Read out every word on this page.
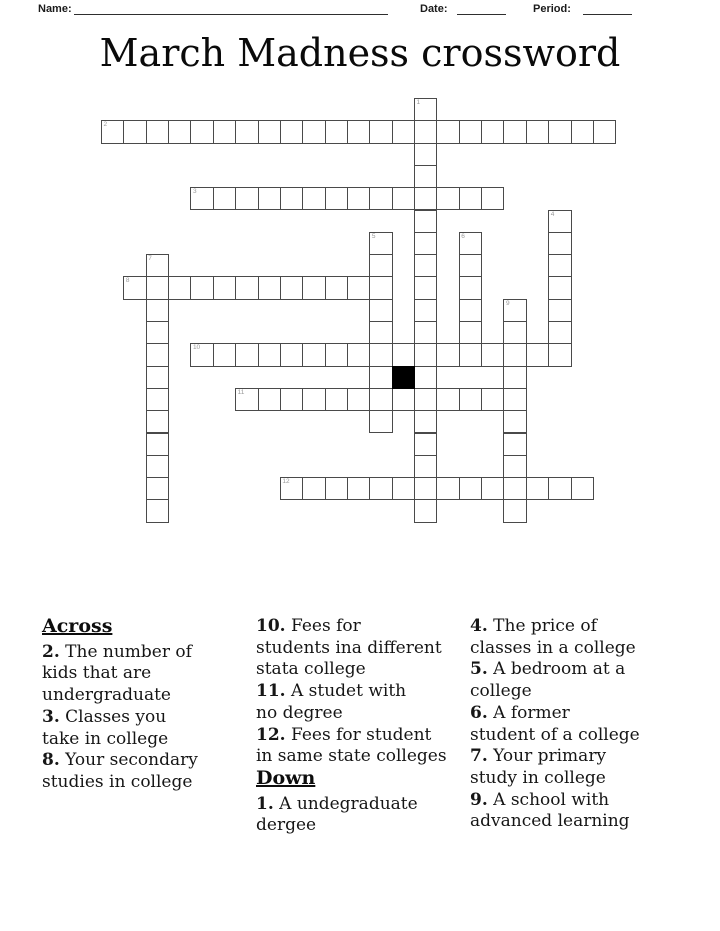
Name:	Date:	Period:
March Madness crossword
1
2
3
4
5	6
7
8
9
10
11
12
Across

2. The number of
kids that are
undergraduate
3. Classes you
take in college
8. Your secondary
studies in college
10. Fees for
students ina different
stata college
11. A studet with
no degree
12. Fees for student
in same state colleges
Down

1. A undegraduate
dergee
4. The price of
classes in a college
5. A bedroom at a
college
6. A former
student of a college
7. Your primary
study in college
9. A school with
advanced learning
